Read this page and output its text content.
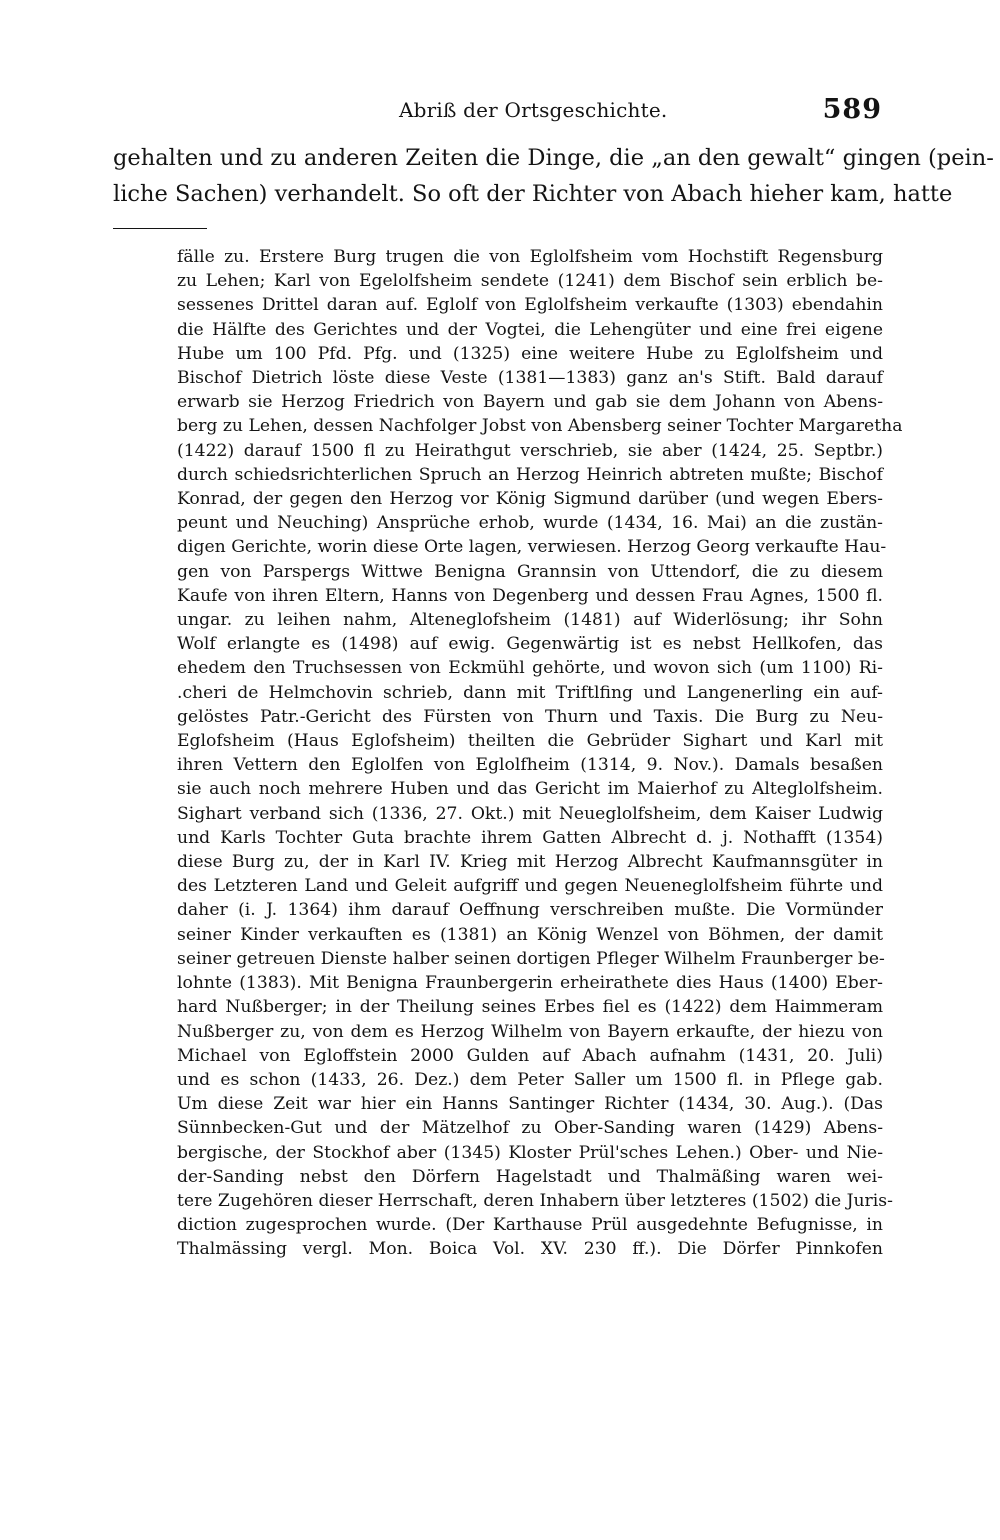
Abriß der Ortsgeschichte.	589
gehalten und zu anderen Zeiten die Dinge, die „an den gewalt“ gingen (pein-
liche Sachen) verhandelt. So oft der Richter von Abach hieher kam, hatte
fälle zu. Erstere Burg trugen die von Eglolfsheim vom Hochstift Regensburg
zu Lehen; Karl von Egelolfsheim sendete (1241) dem Bischof sein erblich be-
sessenes Drittel daran auf. Eglolf von Eglolfsheim verkaufte (1303) ebendahin
die Hälfte des Gerichtes und der Vogtei, die Lehengüter und eine frei eigene
Hube um 100 Pfd. Pfg. und (1325) eine weitere Hube zu Eglolfsheim und
Bischof Dietrich löste diese Veste (1381—1383) ganz an's Stift. Bald darauf
erwarb sie Herzog Friedrich von Bayern und gab sie dem Johann von Abens-
berg zu Lehen, dessen Nachfolger Jobst von Abensberg seiner Tochter Margaretha
(1422) darauf 1500 fl zu Heirathgut verschrieb, sie aber (1424, 25. Septbr.)
durch schiedsrichterlichen Spruch an Herzog Heinrich abtreten mußte; Bischof
Konrad, der gegen den Herzog vor König Sigmund darüber (und wegen Ebers-
peunt und Neuching) Ansprüche erhob, wurde (1434, 16. Mai) an die zustän-
digen Gerichte, worin diese Orte lagen, verwiesen. Herzog Georg verkaufte Hau-
gen von Parspergs Wittwe Benigna Grannsin von Uttendorf, die zu diesem
Kaufe von ihren Eltern, Hanns von Degenberg und dessen Frau Agnes, 1500 fl.
ungar. zu leihen nahm, Alteneglofsheim (1481) auf Widerlösung; ihr Sohn
Wolf erlangte es (1498) auf ewig. Gegenwärtig ist es nebst Hellkofen, das
ehedem den Truchsessen von Eckmühl gehörte, und wovon sich (um 1100) Ri-
.cheri de Helmchovin schrieb, dann mit Triftlfing und Langenerling ein auf-
gelöstes Patr.-Gericht des Fürsten von Thurn und Taxis. Die Burg zu Neu-
Eglofsheim (Haus Eglofsheim) theilten die Gebrüder Sighart und Karl mit
ihren Vettern den Eglolfen von Eglolfheim (1314, 9. Nov.). Damals besaßen
sie auch noch mehrere Huben und das Gericht im Maierhof zu Alteglolfsheim.
Sighart verband sich (1336, 27. Okt.) mit Neueglolfsheim, dem Kaiser Ludwig
und Karls Tochter Guta brachte ihrem Gatten Albrecht d. j. Nothafft (1354)
diese Burg zu, der in Karl IV. Krieg mit Herzog Albrecht Kaufmannsgüter in
des Letzteren Land und Geleit aufgriff und gegen Neueneglolfsheim führte und
daher (i. J. 1364) ihm darauf Oeffnung verschreiben mußte. Die Vormünder
seiner Kinder verkauften es (1381) an König Wenzel von Böhmen, der damit
seiner getreuen Dienste halber seinen dortigen Pfleger Wilhelm Fraunberger be-
lohnte (1383). Mit Benigna Fraunbergerin erheirathete dies Haus (1400) Eber-
hard Nußberger; in der Theilung seines Erbes fiel es (1422) dem Haimmeram
Nußberger zu, von dem es Herzog Wilhelm von Bayern erkaufte, der hiezu von
Michael von Egloffstein 2000 Gulden auf Abach aufnahm (1431, 20. Juli)
und es schon (1433, 26. Dez.) dem Peter Saller um 1500 fl. in Pflege gab.
Um diese Zeit war hier ein Hanns Santinger Richter (1434, 30. Aug.). (Das
Sünnbecken-Gut und der Mätzelhof zu Ober-Sanding waren (1429) Abens-
bergische, der Stockhof aber (1345) Kloster Prül'sches Lehen.) Ober- und Nie-
der-Sanding nebst den Dörfern Hagelstadt und Thalmäßing waren wei-
tere Zugehören dieser Herrschaft, deren Inhabern über letzteres (1502) die Juris-
diction zugesprochen wurde. (Der Karthause Prül ausgedehnte Befugnisse, in
Thalmässing vergl. Mon. Boica Vol. XV. 230 ff.). Die Dörfer Pinnkofen
